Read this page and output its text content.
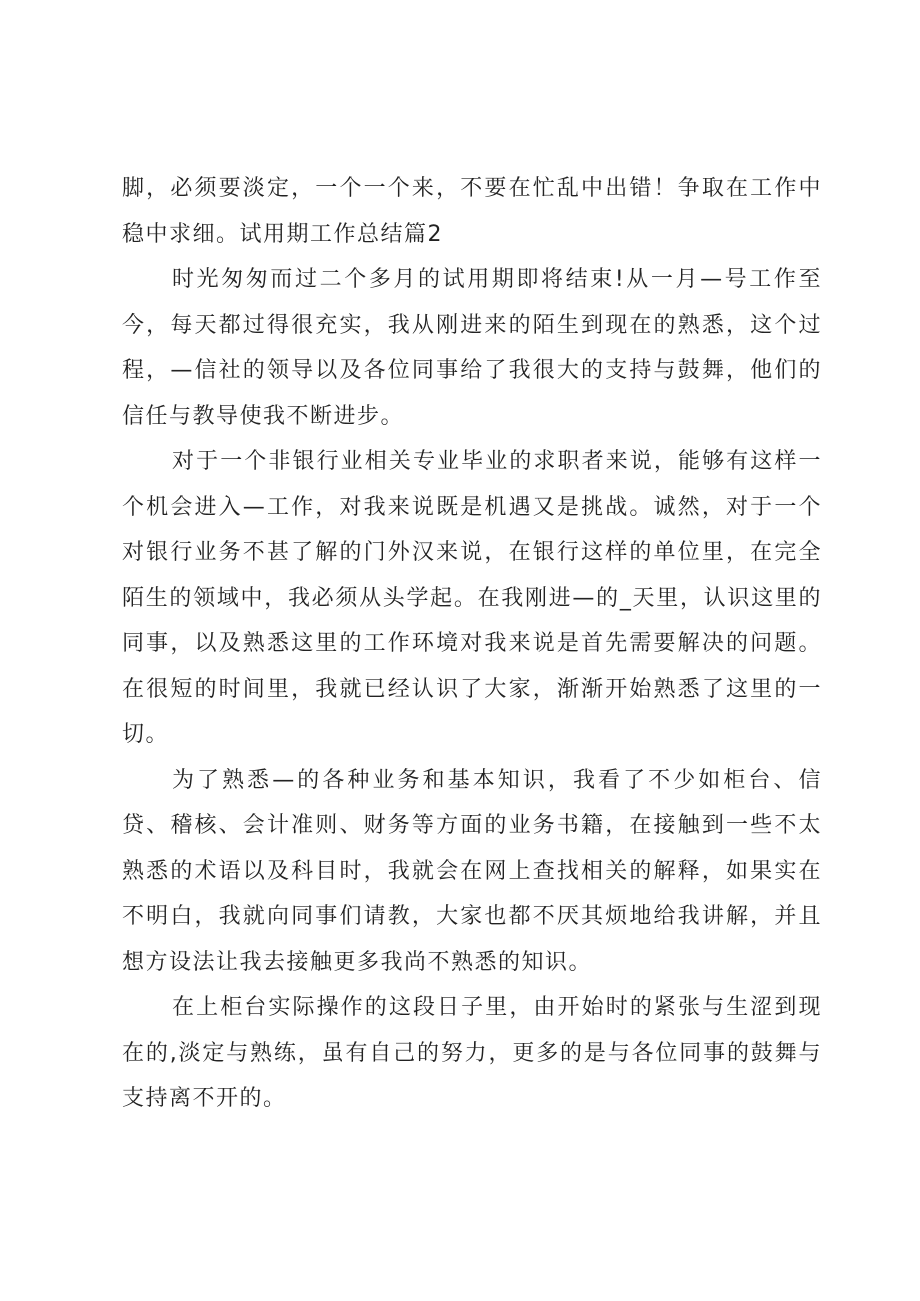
脚，必须要淡定，一个一个来，不要在忙乱中出错！争取在工作中稳中求细。试用期工作总结篇2

时光匆匆而过二个多月的试用期即将结束!从一月—号工作至今，每天都过得很充实，我从刚进来的陌生到现在的熟悉，这个过程，—信社的领导以及各位同事给了我很大的支持与鼓舞，他们的信任与教导使我不断进步。

对于一个非银行业相关专业毕业的求职者来说，能够有这样一个机会进入—工作，对我来说既是机遇又是挑战。诚然，对于一个对银行业务不甚了解的门外汉来说，在银行这样的单位里，在完全陌生的领域中，我必须从头学起。在我刚进—的_天里，认识这里的同事，以及熟悉这里的工作环境对我来说是首先需要解决的问题。在很短的时间里，我就已经认识了大家，渐渐开始熟悉了这里的一切。

为了熟悉—的各种业务和基本知识，我看了不少如柜台、信贷、稽核、会计准则、财务等方面的业务书籍，在接触到一些不太熟悉的术语以及科目时，我就会在网上查找相关的解释，如果实在不明白，我就向同事们请教，大家也都不厌其烦地给我讲解，并且想方设法让我去接触更多我尚不熟悉的知识。

在上柜台实际操作的这段日子里，由开始时的紧张与生涩到现在的,淡定与熟练，虽有自己的努力，更多的是与各位同事的鼓舞与支持离不开的。
